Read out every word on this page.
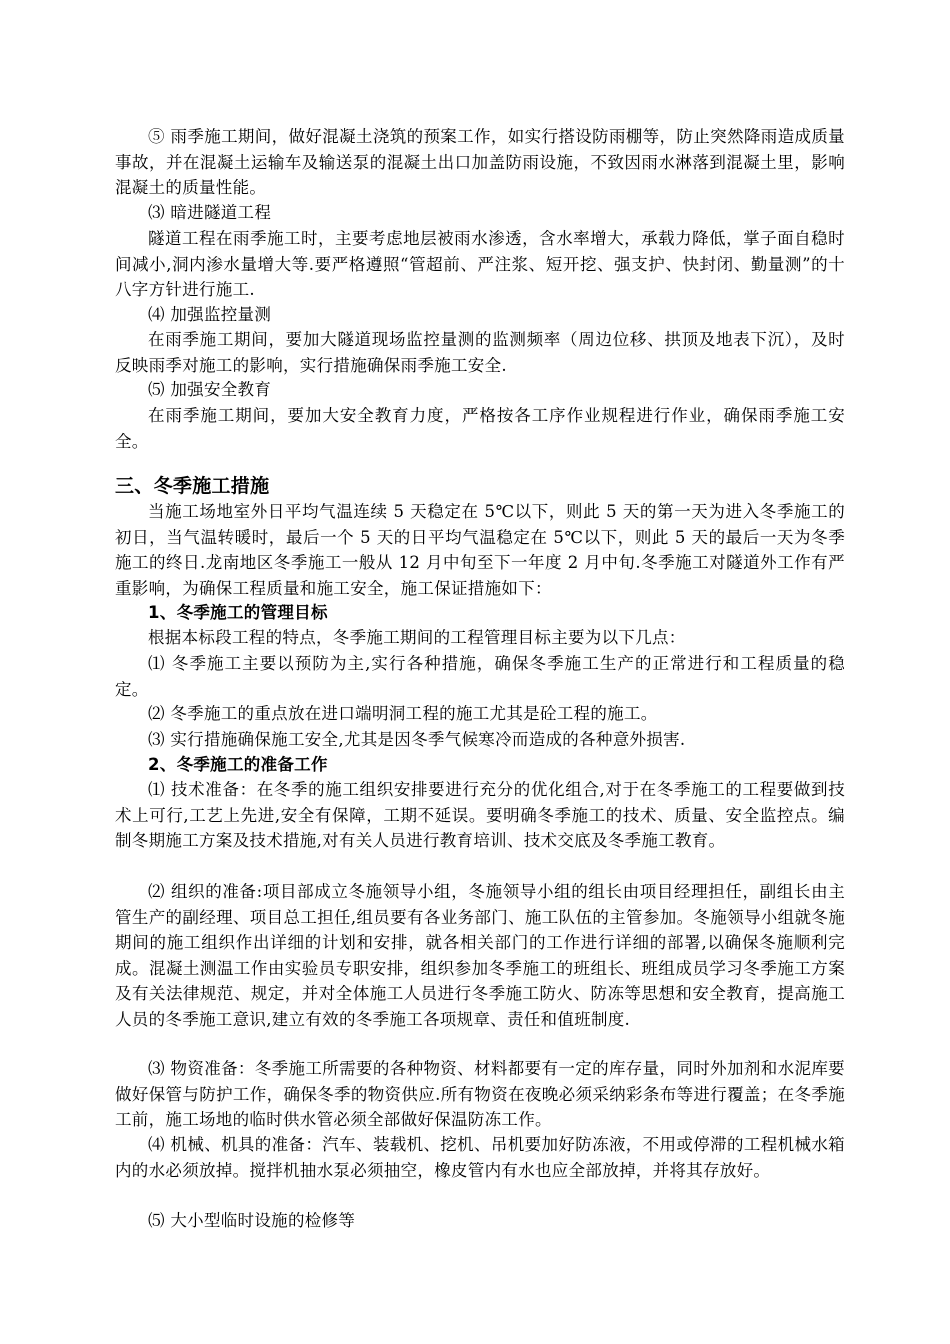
⑤ 雨季施工期间，做好混凝土浇筑的预案工作，如实行搭设防雨棚等，防止突然降雨造成质量事故，并在混凝土运输车及输送泵的混凝土出口加盖防雨设施，不致因雨水淋落到混凝土里，影响混凝土的质量性能。

⑶ 暗进隧道工程

隧道工程在雨季施工时，主要考虑地层被雨水渗透，含水率增大，承载力降低，掌子面自稳时间减小,洞内渗水量增大等.要严格遵照“管超前、严注浆、短开挖、强支护、快封闭、勤量测”的十八字方针进行施工.

⑷ 加强监控量测

在雨季施工期间，要加大隧道现场监控量测的监测频率（周边位移、拱顶及地表下沉），及时反映雨季对施工的影响，实行措施确保雨季施工安全.

⑸ 加强安全教育

在雨季施工期间，要加大安全教育力度，严格按各工序作业规程进行作业，确保雨季施工安全。

三、冬季施工措施

当施工场地室外日平均气温连续 5 天稳定在 5℃以下，则此 5 天的第一天为进入冬季施工的初日，当气温转暖时，最后一个 5 天的日平均气温稳定在 5℃以下，则此 5 天的最后一天为冬季施工的终日.龙南地区冬季施工一般从 12 月中旬至下一年度 2 月中旬.冬季施工对隧道外工作有严重影响，为确保工程质量和施工安全，施工保证措施如下：

1、冬季施工的管理目标

根据本标段工程的特点，冬季施工期间的工程管理目标主要为以下几点：

⑴ 冬季施工主要以预防为主,实行各种措施，确保冬季施工生产的正常进行和工程质量的稳定。

⑵ 冬季施工的重点放在进口端明洞工程的施工尤其是砼工程的施工。

⑶ 实行措施确保施工安全,尤其是因冬季气候寒冷而造成的各种意外损害.

2、冬季施工的准备工作

⑴ 技术准备：在冬季的施工组织安排要进行充分的优化组合,对于在冬季施工的工程要做到技术上可行,工艺上先进,安全有保障，工期不延误。要明确冬季施工的技术、质量、安全监控点。编制冬期施工方案及技术措施,对有关人员进行教育培训、技术交底及冬季施工教育。

⑵ 组织的准备:项目部成立冬施领导小组，冬施领导小组的组长由项目经理担任，副组长由主管生产的副经理、项目总工担任,组员要有各业务部门、施工队伍的主管参加。冬施领导小组就冬施期间的施工组织作出详细的计划和安排，就各相关部门的工作进行详细的部署,以确保冬施顺利完成。混凝土测温工作由实验员专职安排，组织参加冬季施工的班组长、班组成员学习冬季施工方案及有关法律规范、规定，并对全体施工人员进行冬季施工防火、防冻等思想和安全教育，提高施工人员的冬季施工意识,建立有效的冬季施工各项规章、责任和值班制度.

⑶ 物资准备：冬季施工所需要的各种物资、材料都要有一定的库存量，同时外加剂和水泥库要做好保管与防护工作，确保冬季的物资供应.所有物资在夜晚必须采纳彩条布等进行覆盖；在冬季施工前，施工场地的临时供水管必须全部做好保温防冻工作。

⑷ 机械、机具的准备：汽车、装载机、挖机、吊机要加好防冻液，不用或停滞的工程机械水箱内的水必须放掉。搅拌机抽水泵必须抽空，橡皮管内有水也应全部放掉，并将其存放好。

⑸ 大小型临时设施的检修等
